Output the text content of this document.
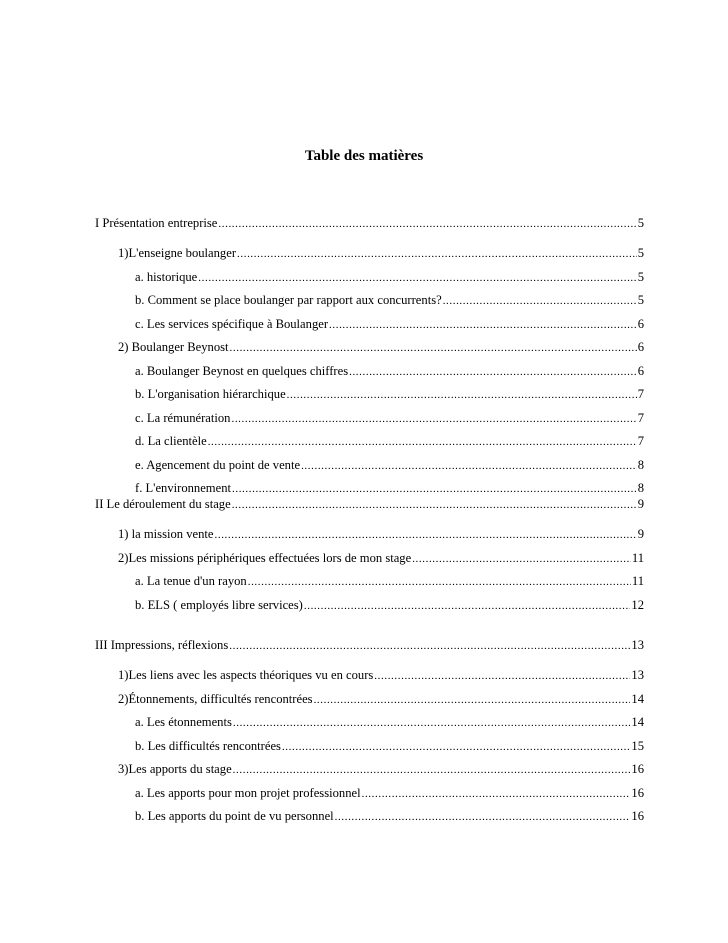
Table des matières
I Présentation entreprise .....	5
1)L'enseigne boulanger .....	5
a. historique .....	5
b. Comment se place boulanger par rapport aux concurrents? .....	5
c. Les services spécifique à Boulanger .....	6
2) Boulanger Beynost .....	6
a. Boulanger Beynost en quelques chiffres .....	6
b. L'organisation hiérarchique .....	7
c. La rémunération .....	7
d. La clientèle .....	7
e. Agencement du point de vente .....	8
f. L'environnement .....	8
II Le déroulement du stage .....	9
1) la mission vente .....	9
2)Les missions périphériques effectuées lors de mon stage .....	11
a. La tenue d'un rayon .....	11
b. ELS ( employés libre services) .....	12
III Impressions, réflexions .....	13
1)Les liens avec les aspects théoriques vu en cours .....	13
2)Étonnements, difficultés rencontrées .....	14
a. Les étonnements .....	14
b. Les difficultés rencontrées .....	15
3)Les apports du stage .....	16
a. Les apports pour mon projet professionnel .....	16
b. Les apports du point de vu personnel .....	16
